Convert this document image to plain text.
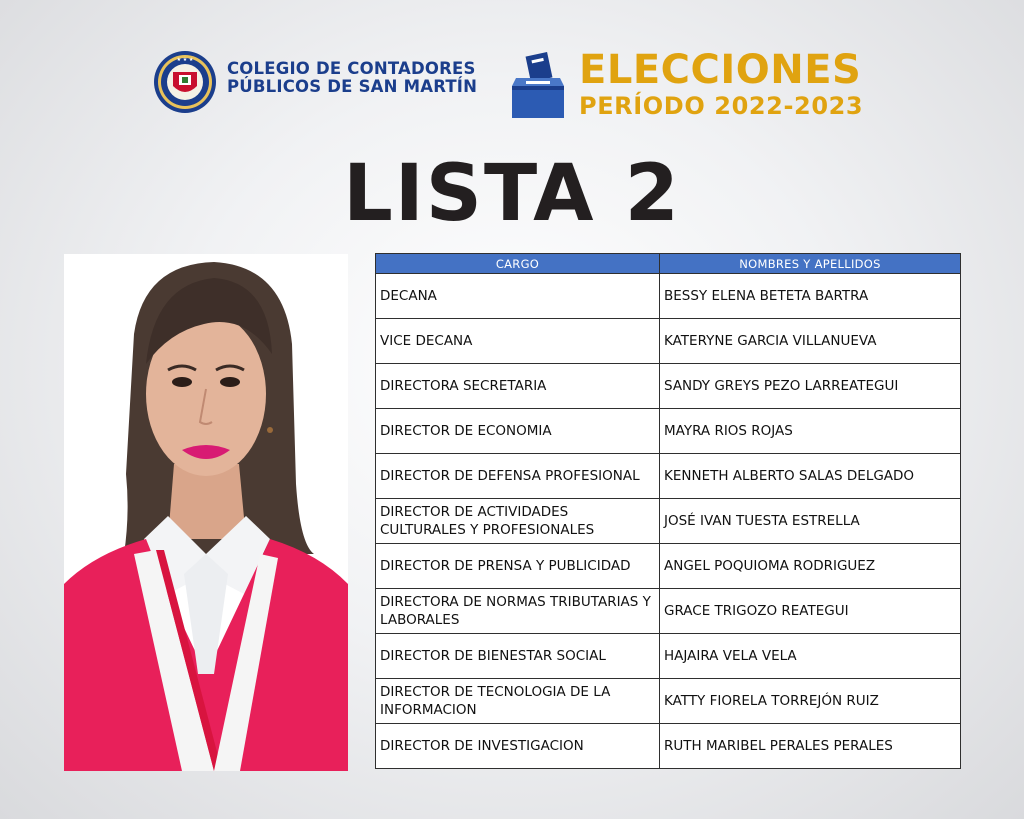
★ ★ ★ COLEGIO DE CONTADORES
PÚBLICOS DE SAN MARTÍN	ELECCIONES
PERÍODO 2022-2023
LISTA 2
CARGO	NOMBRES Y APELLIDOS
DECANA	BESSY ELENA BETETA BARTRA
VICE DECANA	KATERYNE GARCIA VILLANUEVA
DIRECTORA SECRETARIA	SANDY GREYS PEZO LARREATEGUI
DIRECTOR DE ECONOMIA	MAYRA RIOS ROJAS
DIRECTOR DE DEFENSA PROFESIONAL	KENNETH ALBERTO SALAS DELGADO
DIRECTOR DE ACTIVIDADES CULTURALES Y PROFESIONALES	JOSÉ IVAN TUESTA ESTRELLA
DIRECTOR DE PRENSA Y PUBLICIDAD	ANGEL POQUIOMA RODRIGUEZ
DIRECTORA DE NORMAS TRIBUTARIAS Y LABORALES	GRACE TRIGOZO REATEGUI
DIRECTOR DE BIENESTAR SOCIAL	HAJAIRA VELA VELA
DIRECTOR DE TECNOLOGIA DE LA INFORMACION	KATTY FIORELA TORREJÓN RUIZ
DIRECTOR DE INVESTIGACION	RUTH MARIBEL PERALES PERALES
